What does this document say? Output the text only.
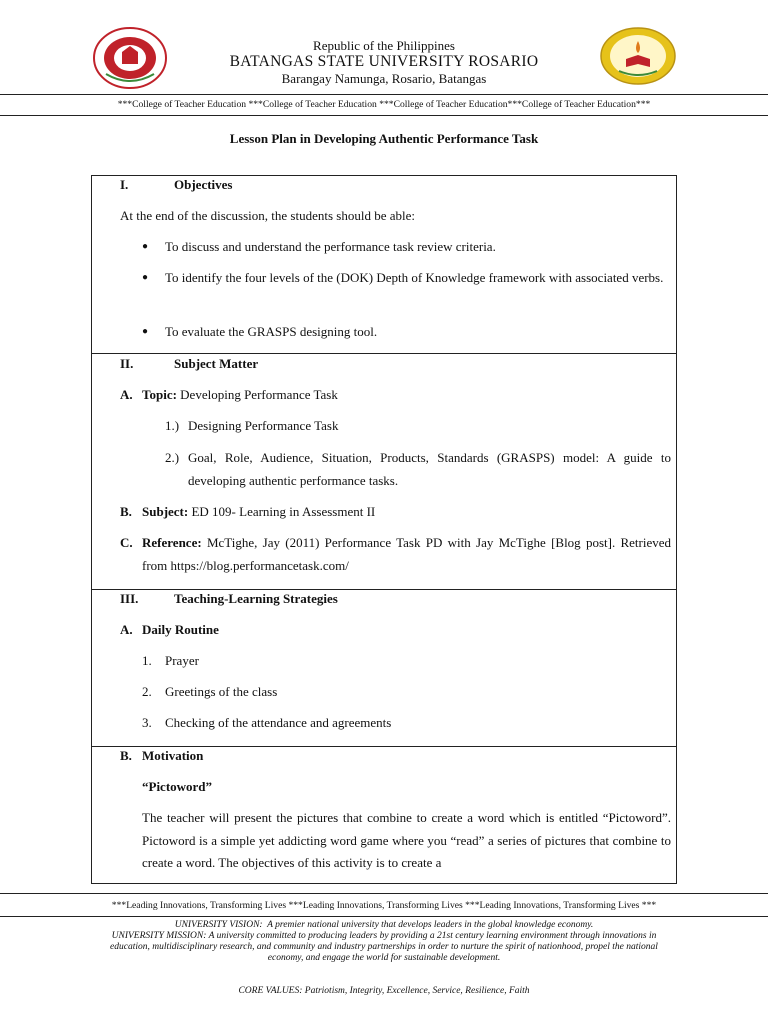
Republic of the Philippines
BATANGAS STATE UNIVERSITY ROSARIO
Barangay Namunga, Rosario, Batangas
***College of Teacher Education ***College of Teacher Education ***College of Teacher Education***College of Teacher Education***
Lesson Plan in Developing Authentic Performance Task
I.	Objectives
At the end of the discussion, the students should be able:
● To discuss and understand the performance task review criteria.
● To identify the four levels of the (DOK) Depth of Knowledge framework with associated verbs.
● To evaluate the GRASPS designing tool.
II.	Subject Matter
A. Topic: Developing Performance Task
1.) Designing Performance Task
2.) Goal, Role, Audience, Situation, Products, Standards (GRASPS) model: A guide to developing authentic performance tasks.
B. Subject: ED 109- Learning in Assessment II
C. Reference: McTighe, Jay (2011) Performance Task PD with Jay McTighe [Blog post]. Retrieved from https://blog.performancetask.com/
III.	Teaching-Learning Strategies
A. Daily Routine
1. Prayer
2. Greetings of the class
3. Checking of the attendance and agreements
B. Motivation
“Pictoword”
The teacher will present the pictures that combine to create a word which is entitled “Pictoword”. Pictoword is a simple yet addicting word game where you “read” a series of pictures that combine to create a word. The objectives of this activity is to create a
***Leading Innovations, Transforming Lives ***Leading Innovations, Transforming Lives ***Leading Innovations, Transforming Lives ***
UNIVERSITY VISION: A premier national university that develops leaders in the global knowledge economy.
UNIVERSITY MISSION: A university committed to producing leaders by providing a 21st century learning environment through innovations in education, multidisciplinary research, and community and industry partnerships in order to nurture the spirit of nationhood, propel the national economy, and engage the world for sustainable development.
CORE VALUES: Patriotism, Integrity, Excellence, Service, Resilience, Faith
